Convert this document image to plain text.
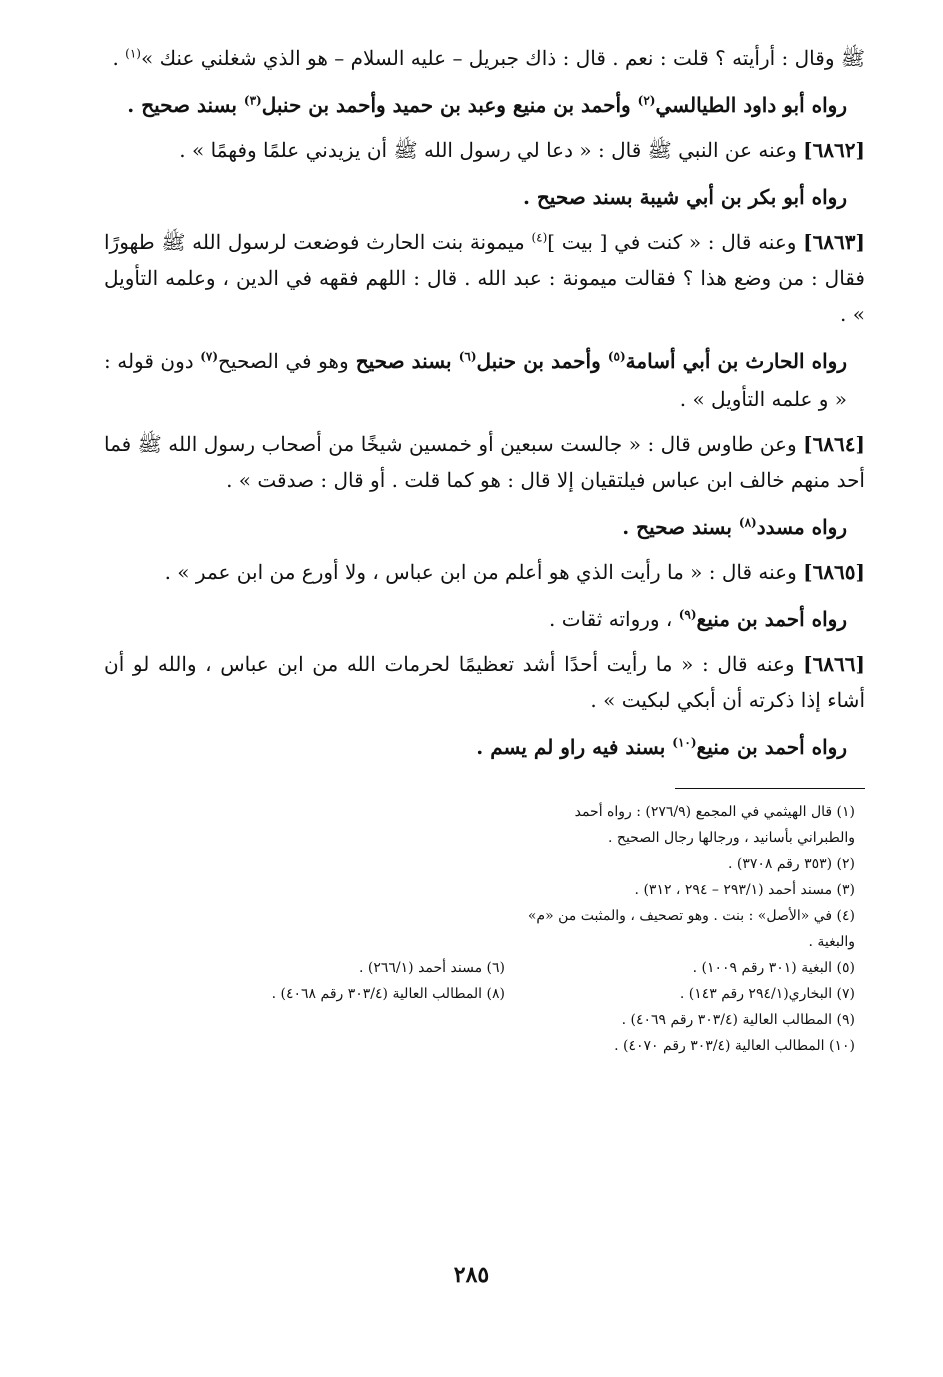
ﷺ وقال : أرأيته ؟ قلت : نعم . قال : ذاك جبريل – عليه السلام – هو الذي شغلني عنك »$^{(١)}$ .

رواه أبو داود الطيالسي$^{(٢)}$ وأحمد بن منيع وعبد بن حميد وأحمد بن حنبل$^{(٣)}$ بسند صحيح .

[٦٨٦٢] وعنه عن النبي ﷺ قال : « دعا لي رسول الله ﷺ أن يزيدني علمًا وفهمًا » .

رواه أبو بكر بن أبي شيبة بسند صحيح .

[٦٨٦٣] وعنه قال : « كنت في [ بيت ]$^{(٤)}$ ميمونة بنت الحارث فوضعت لرسول الله ﷺ طهورًا فقال : من وضع هذا ؟ فقالت ميمونة : عبد الله . قال : اللهم فقهه في الدين ، وعلمه التأويل » .

رواه الحارث بن أبي أسامة$^{(٥)}$ وأحمد بن حنبل$^{(٦)}$ بسند صحيح وهو في الصحيح$^{(٧)}$ دون قوله : « و علمه التأويل » .

[٦٨٦٤] وعن طاوس قال : « جالست سبعين أو خمسين شيخًا من أصحاب رسول الله ﷺ فما أحد منهم خالف ابن عباس فيلتقيان إلا قال : هو كما قلت . أو قال : صدقت » .

رواه مسدد$^{(٨)}$ بسند صحيح .

[٦٨٦٥] وعنه قال : « ما رأيت الذي هو أعلم من ابن عباس ، ولا أورع من ابن عمر » .

رواه أحمد بن منيع$^{(٩)}$ ، ورواته ثقات .

[٦٨٦٦] وعنه قال : « ما رأيت أحدًا أشد تعظيمًا لحرمات الله من ابن عباس ، والله لو أن أشاء إذا ذكرته أن أبكي لبكيت » .

رواه أحمد بن منيع$^{(١٠)}$ بسند فيه راو لم يسم .

(١) قال الهيثمي في المجمع (٢٧٦/٩) : رواه أحمد والطبراني بأسانيد ، ورجالها رجال الصحيح .

(٢) (٣٥٣ رقم ٣٧٠٨) .

(٣) مسند أحمد (٢٩٣/١ – ٢٩٤ ، ٣١٢) .

(٤) في «الأصل» : بنت . وهو تصحيف ، والمثبت من «م» والبغية .

(٥) البغية (٣٠١ رقم ١٠٠٩) .

(٦) مسند أحمد (٢٦٦/١) .

(٧) البخاري(٢٩٤/١ رقم ١٤٣) .

(٨) المطالب العالية (٣٠٣/٤ رقم ٤٠٦٨) .

(٩) المطالب العالية (٣٠٣/٤ رقم ٤٠٦٩) .

(١٠) المطالب العالية (٣٠٣/٤ رقم ٤٠٧٠) .

٢٨٥
